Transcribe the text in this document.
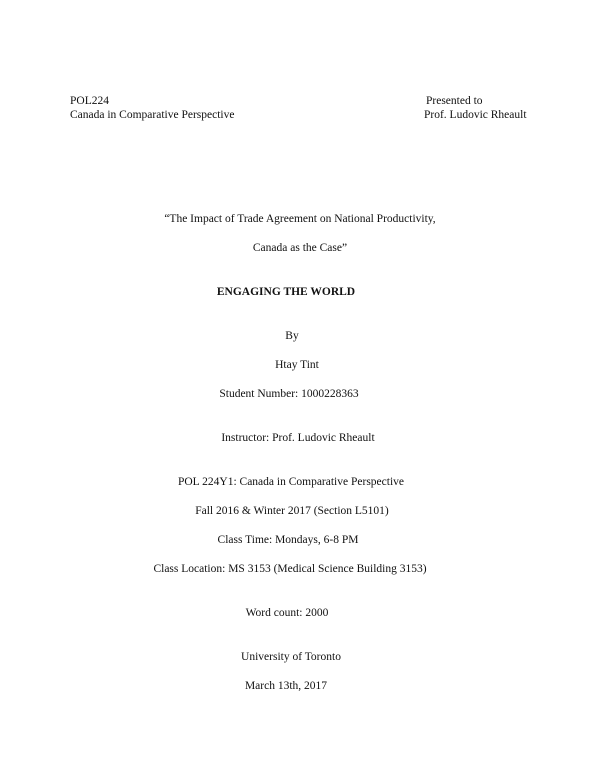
POL224
Canada in Comparative Perspective
Presented to
Prof. Ludovic Rheault
“The Impact of Trade Agreement on National Productivity,
Canada as the Case”
ENGAGING THE WORLD
By
Htay Tint
Student Number: 1000228363
Instructor: Prof. Ludovic Rheault
POL 224Y1: Canada in Comparative Perspective
Fall 2016 & Winter 2017 (Section L5101)
Class Time: Mondays, 6-8 PM
Class Location: MS 3153 (Medical Science Building 3153)
Word count: 2000
University of Toronto
March 13th, 2017
